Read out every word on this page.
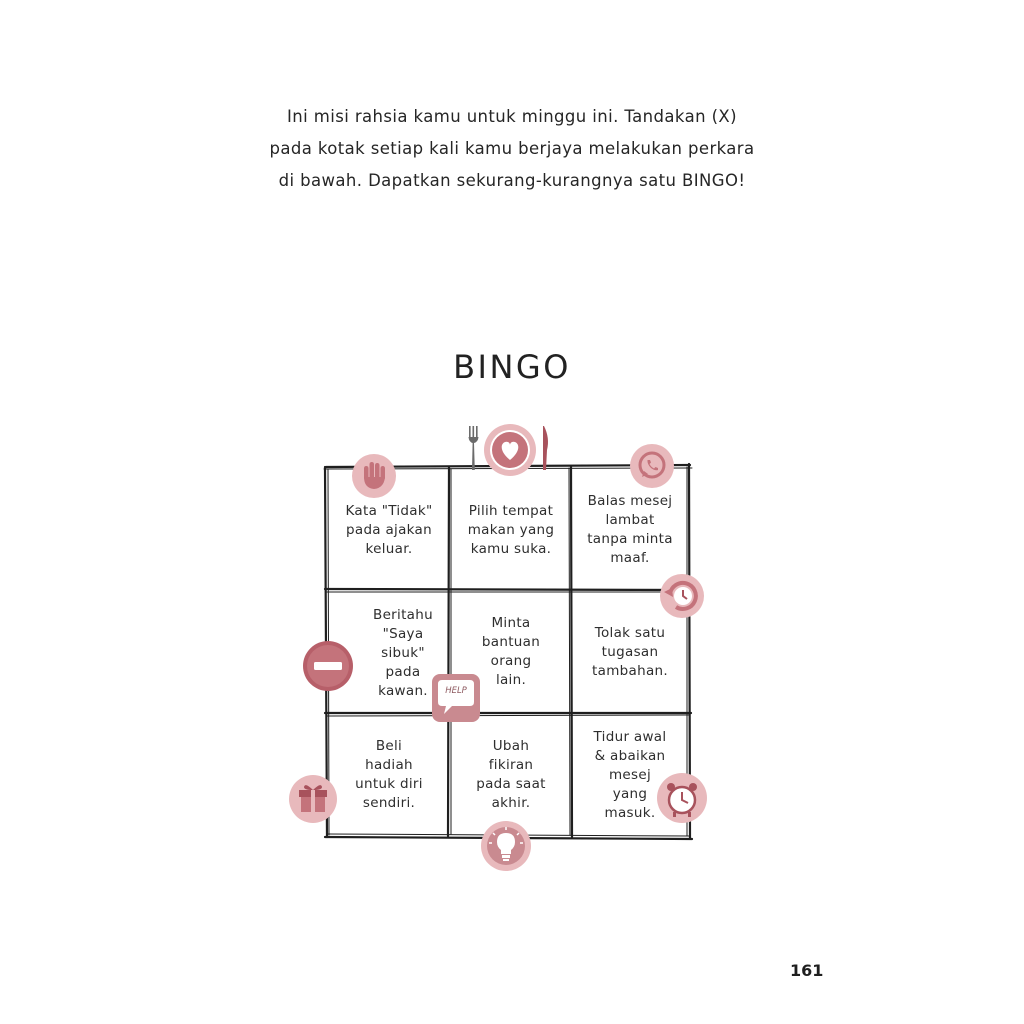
Ini misi rahsia kamu untuk minggu ini. Tandakan (X)
pada kotak setiap kali kamu berjaya melakukan perkara
di bawah. Dapatkan sekurang-kurangnya satu BINGO!
BINGO
Kata "Tidak"
pada ajakan
keluar.
Pilih tempat
makan yang
kamu suka.
Balas mesej
lambat
tanpa minta
maaf.
Beritahu
"Saya
sibuk"
pada
kawan.
Minta
bantuan
orang
lain.
Tolak satu
tugasan
tambahan.
Beli
hadiah
untuk diri
sendiri.
Ubah
fikiran
pada saat
akhir.
Tidur awal
& abaikan
mesej
yang
masuk.
HELP
161
